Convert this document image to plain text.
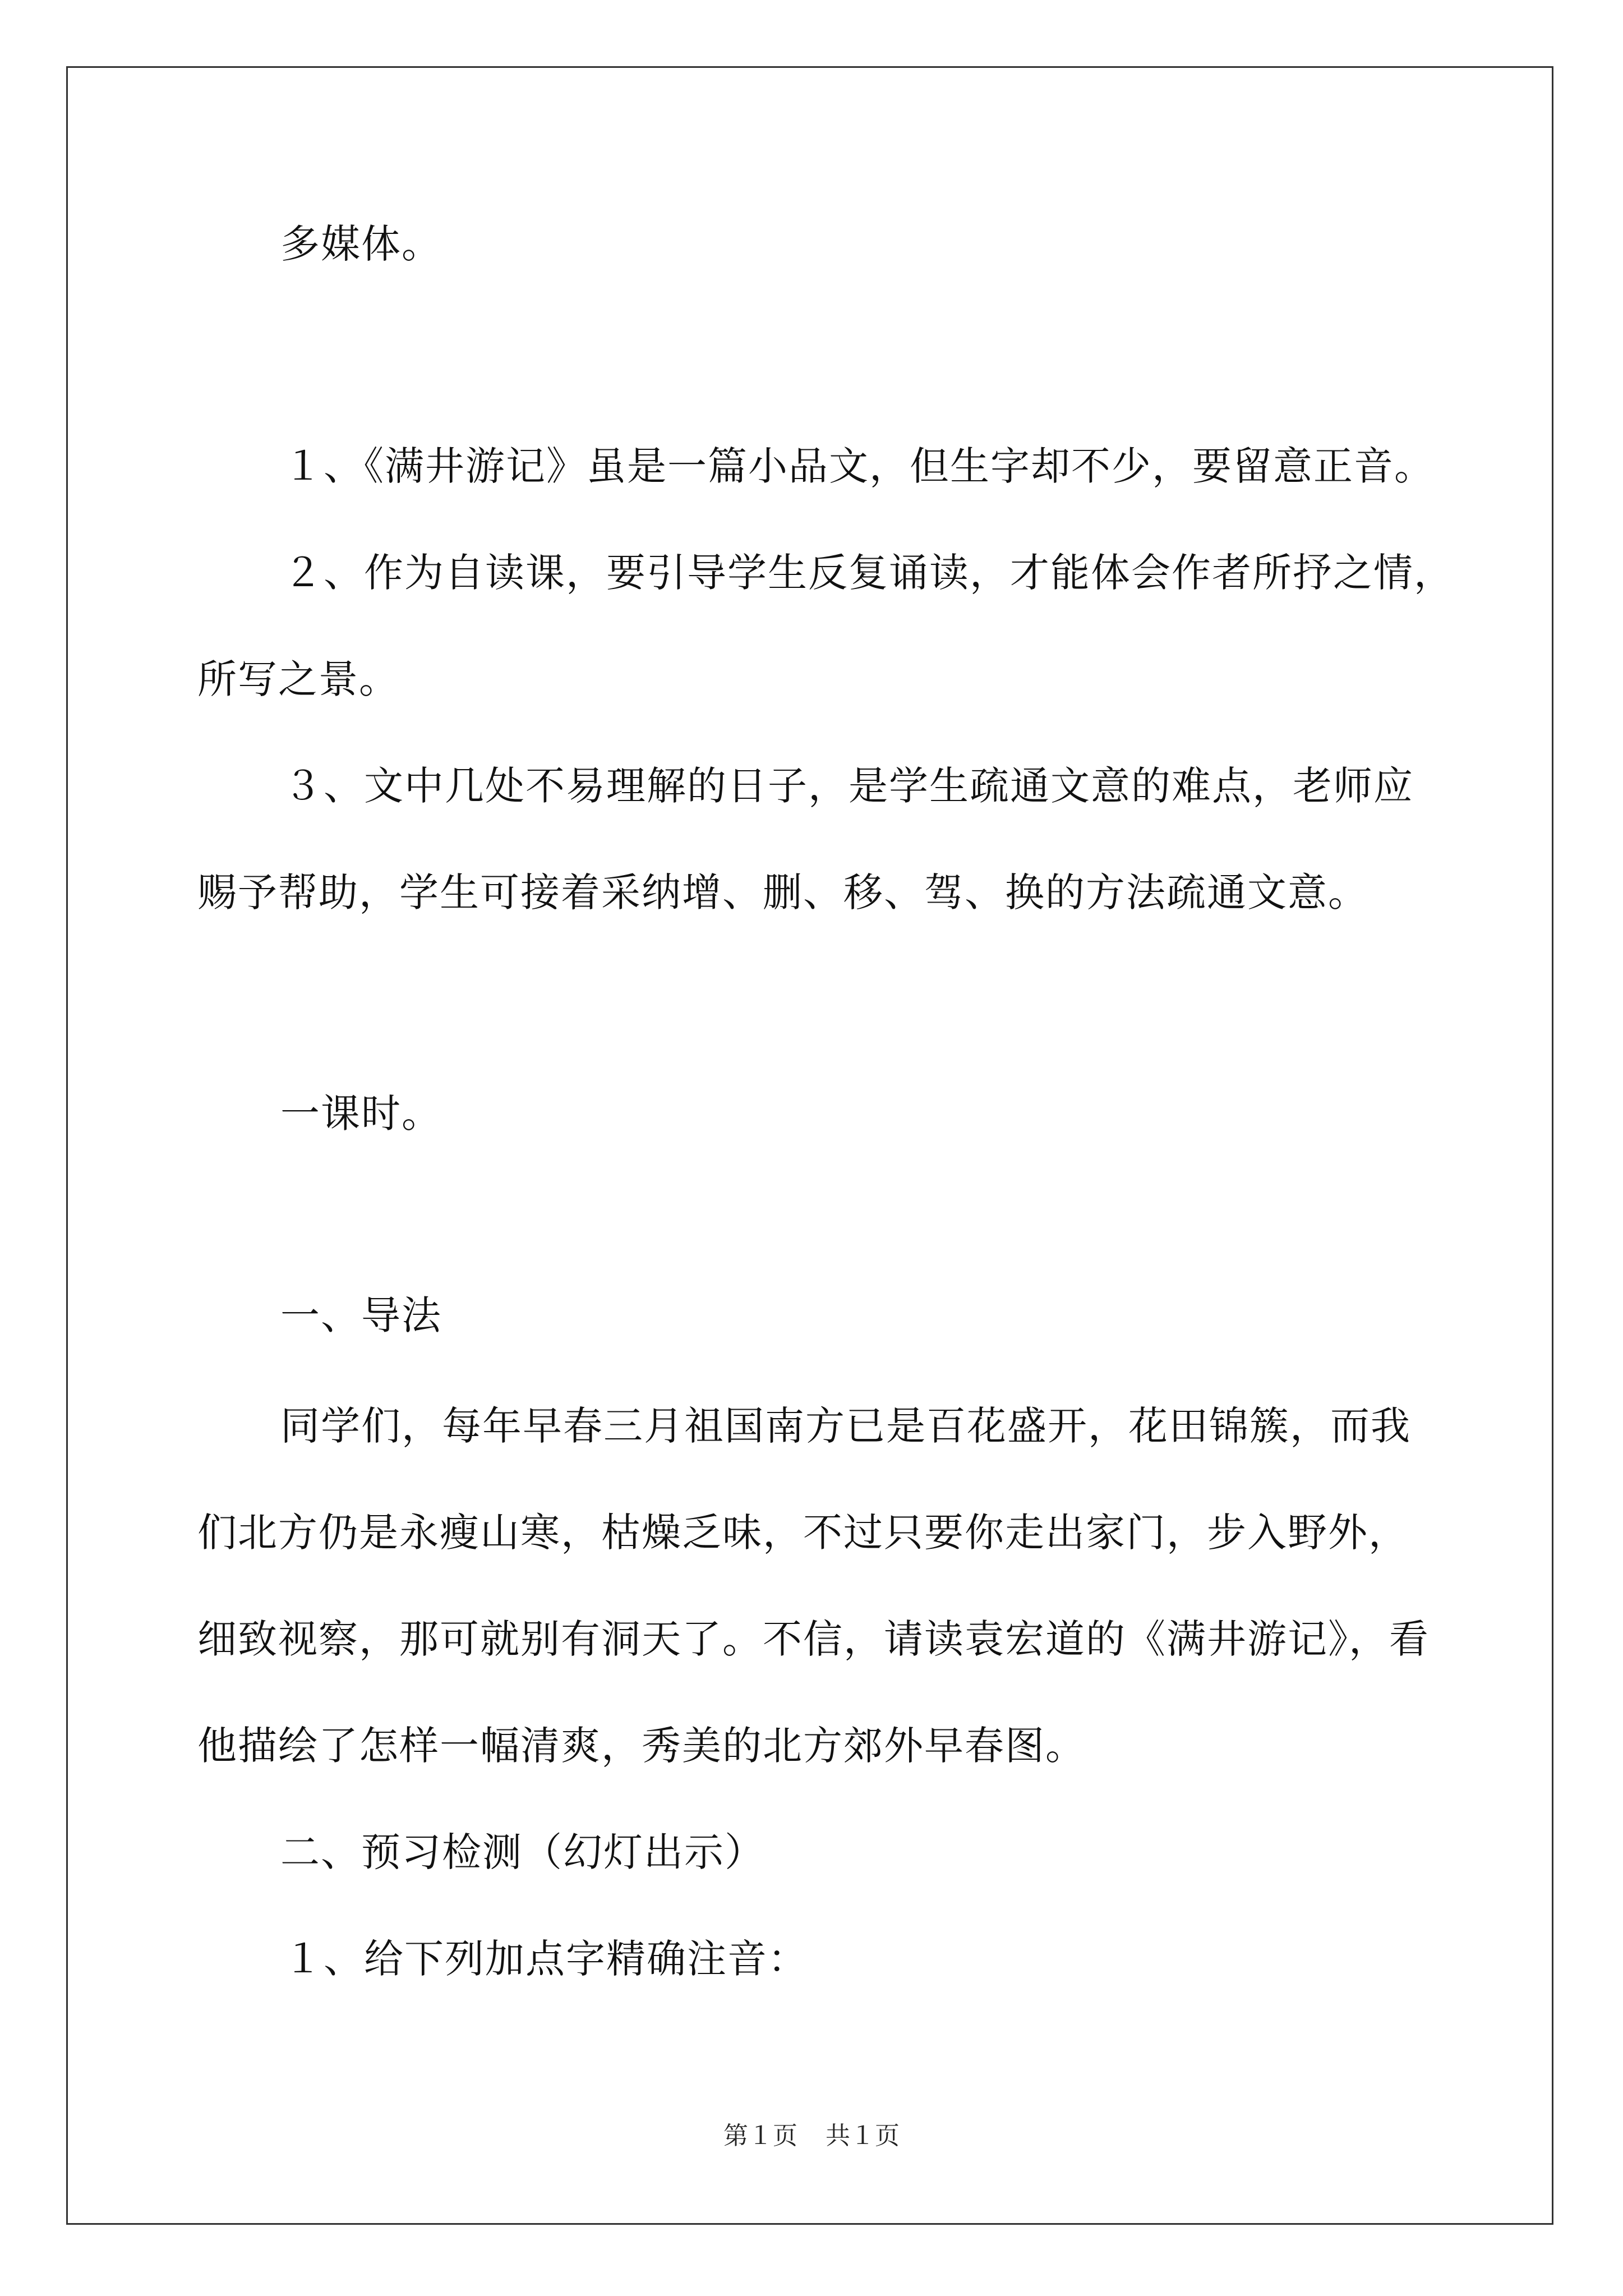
多媒体。
１、《满井游记》虽是一篇小品文，但生字却不少，要留意正音。
２、作为自读课，要引导学生反复诵读，才能体会作者所抒之情，
所写之景。
３、文中几处不易理解的日子，是学生疏通文意的难点，老师应
赐予帮助，学生可接着采纳增、删、移、驾、换的方法疏通文意。
一课时。
一、导法
同学们，每年早春三月祖国南方已是百花盛开，花田锦簇，而我
们北方仍是永瘦山寒，枯燥乏味，不过只要你走出家门，步入野外，
细致视察，那可就别有洞天了。不信，请读袁宏道的《满井游记》，看
他描绘了怎样一幅清爽，秀美的北方郊外早春图。
二、预习检测（幻灯出示）
１、给下列加点字精确注音：
第１页 共１页
